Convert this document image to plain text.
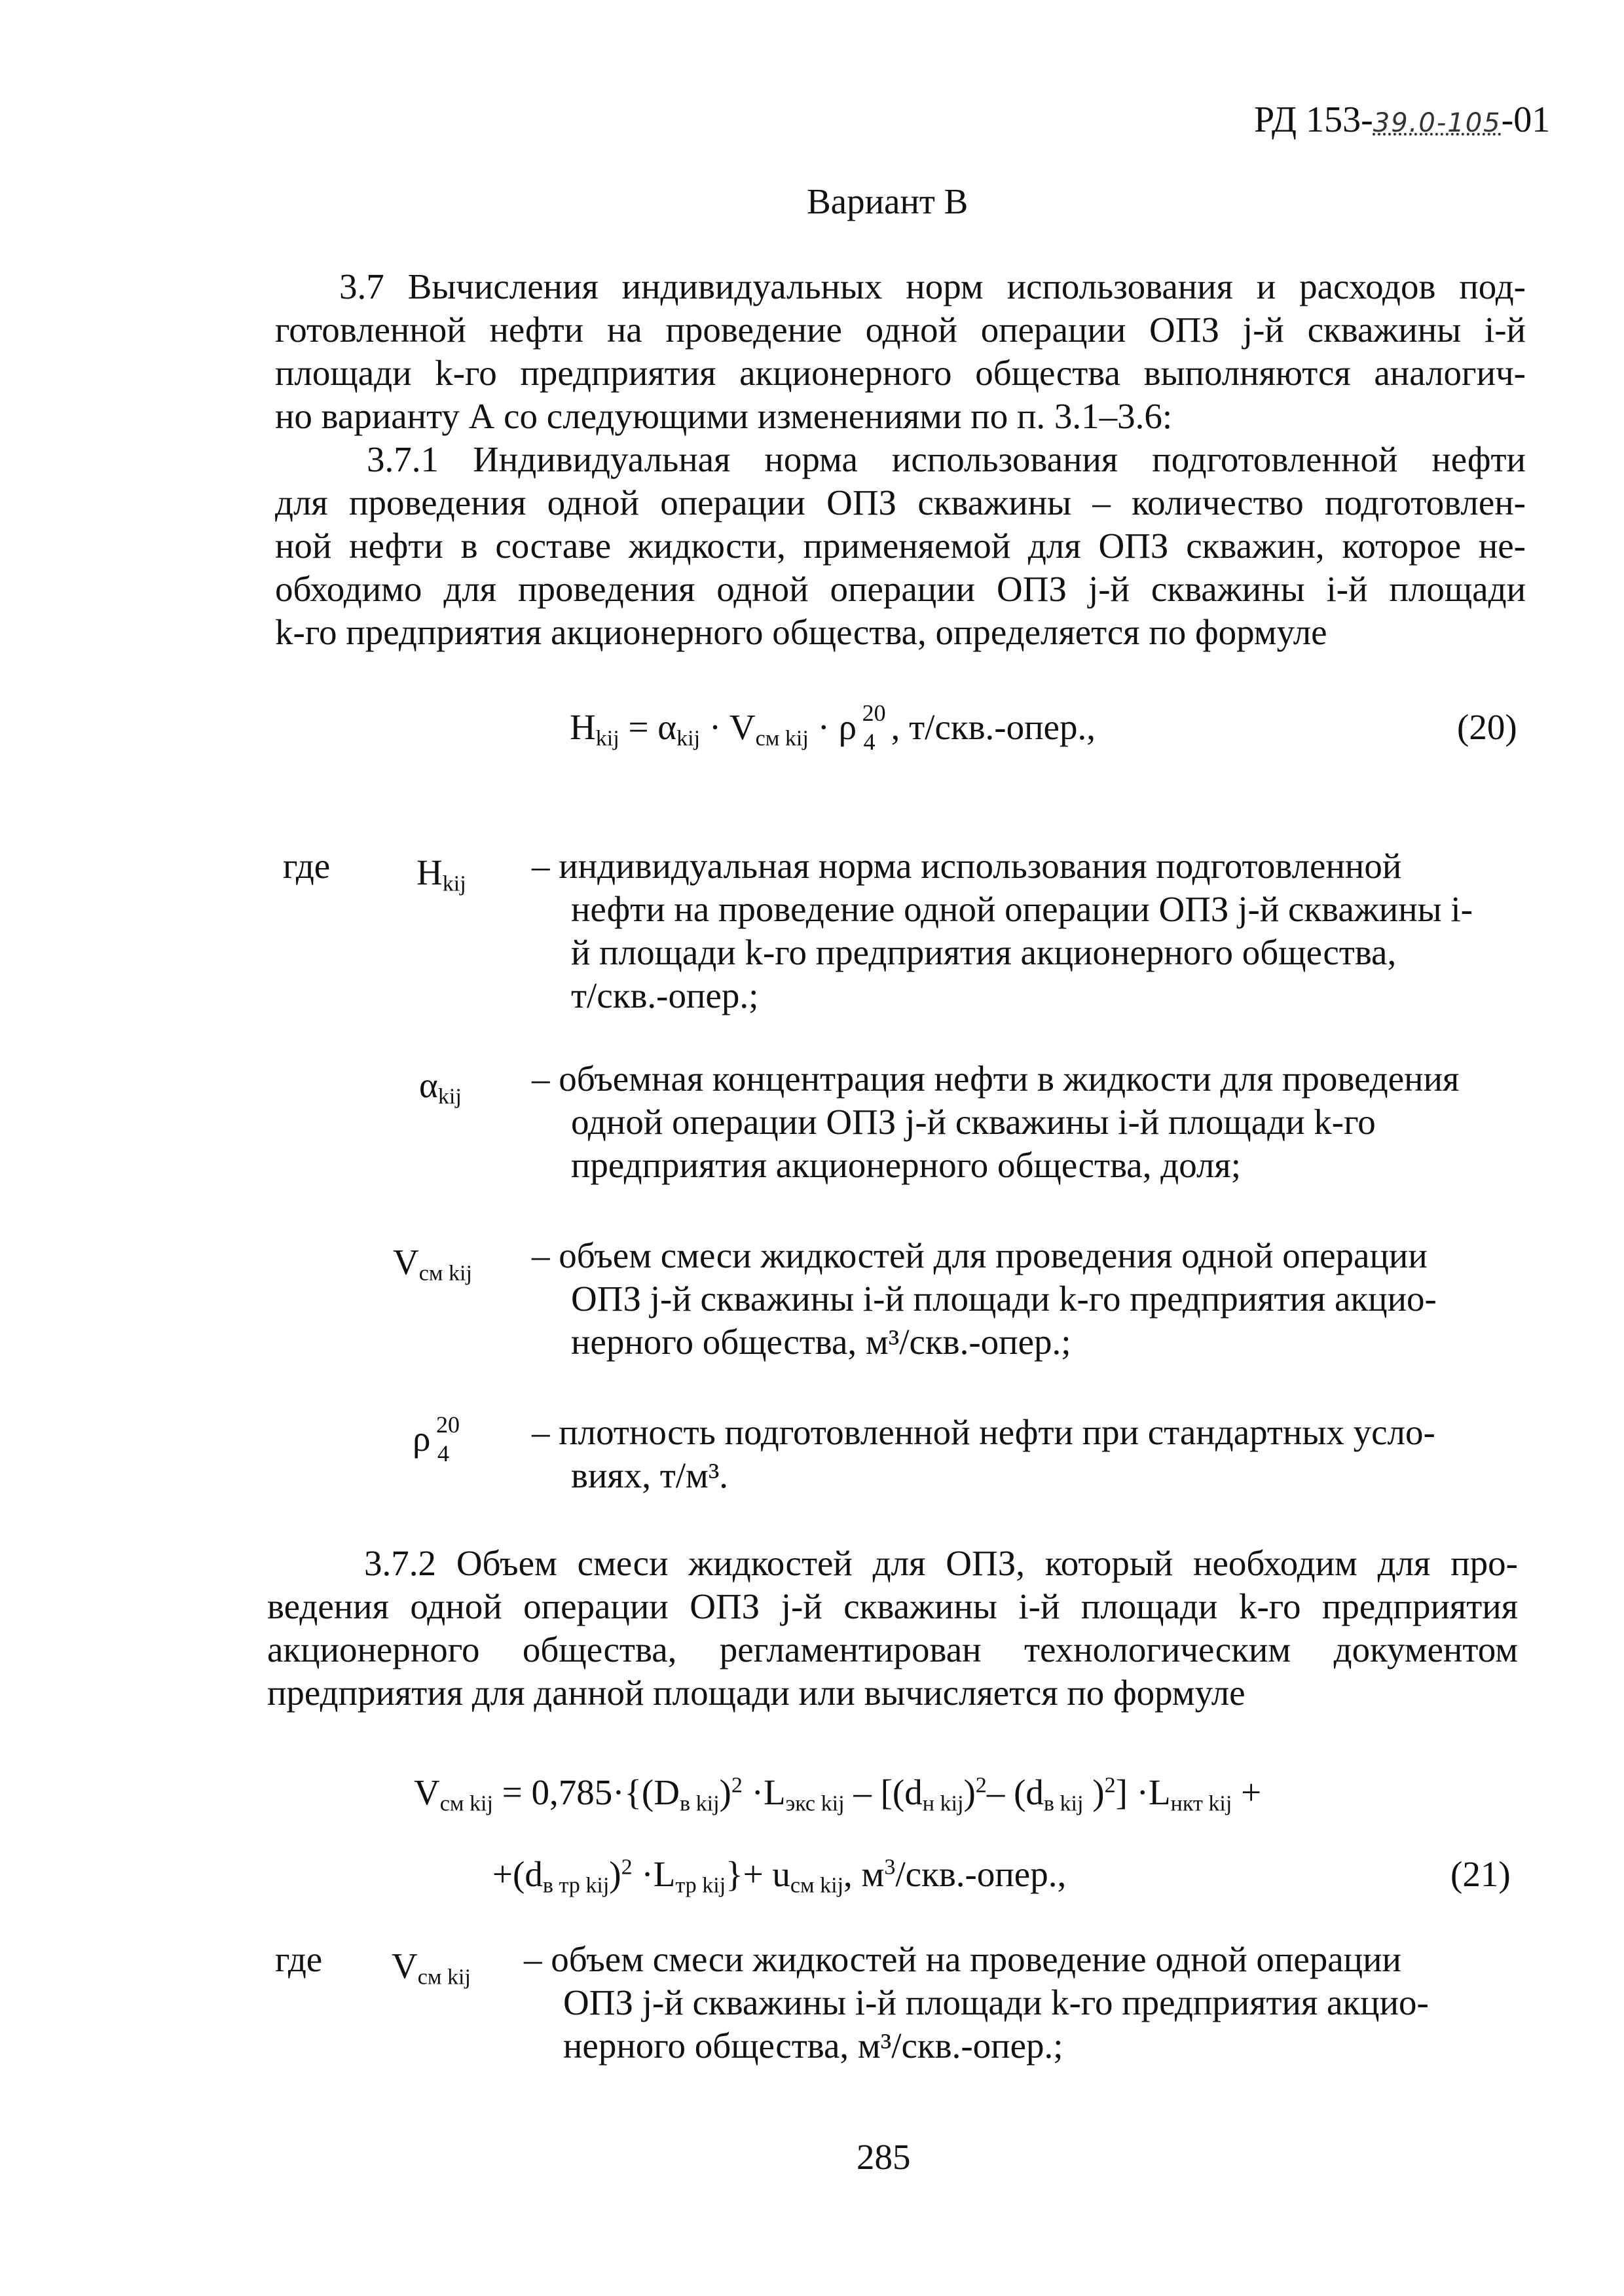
РД 153-39.0-105-01
Вариант В
3.7 Вычисления индивидуальных норм использования и расходов под-
готовленной нефти на проведение одной операции ОПЗ j-й скважины i-й
площади k-го предприятия акционерного общества выполняются аналогич-
но варианту А со следующими изменениями по п. 3.1–3.6:
3.7.1 Индивидуальная норма использования подготовленной нефти
для проведения одной операции ОПЗ скважины – количество подготовлен-
ной нефти в составе жидкости, применяемой для ОПЗ скважин, которое не-
обходимо для проведения одной операции ОПЗ j-й скважины i-й площади
k-го предприятия акционерного общества, определяется по формуле
$H_{kij} = \alpha_{kij} \cdot V_{см kij} \cdot \rho$ 20
4 , т/скв.-опер.,	(20)
где $H_{kij}$ – индивидуальная норма использования подготовленной
нефти на проведение одной операции ОПЗ j-й скважины i-
й площади k-го предприятия акционерного общества,
т/скв.-опер.;
$\alpha_{kij}$ – объемная концентрация нефти в жидкости для проведения
одной операции ОПЗ j-й скважины i-й площади k-го
предприятия акционерного общества, доля;
$V_{см kij}$ – объем смеси жидкостей для проведения одной операции
ОПЗ j-й скважины i-й площади k-го предприятия акцио-
нерного общества, м³/скв.-опер.;
ρ 20
4
– плотность подготовленной нефти при стандартных усло-
виях, т/м³.
3.7.2 Объем смеси жидкостей для ОПЗ, который необходим для про-
ведения одной операции ОПЗ j-й скважины i-й площади k-го предприятия
акционерного общества, регламентирован технологическим документом
предприятия для данной площади или вычисляется по формуле
$V_{см kij} = 0,785\cdot\{(D_{в kij})^2 \cdot L_{экс kij} - [(d_{н kij})^2-$ ($d_{в kij}$ )$^2] \cdot L_{нкт kij}$ +
$+(d_{в тр kij})^2 \cdot L_{тр kij}\}+ u_{см kij}$, $м^3/скв$.-опер.,	(21)
где $V_{см kij}$ – объем смеси жидкостей на проведение одной операции
ОПЗ j-й скважины i-й площади k-го предприятия акцио-
нерного общества, м³/скв.-опер.;
285
